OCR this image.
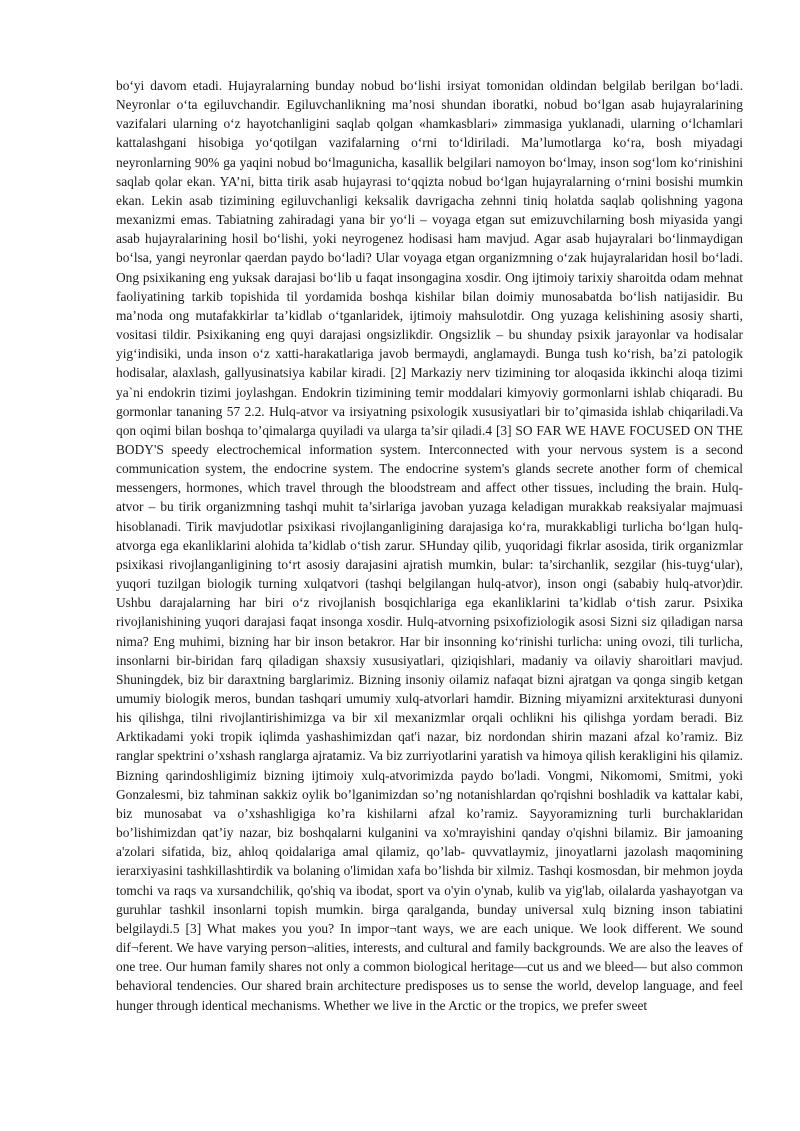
bo‘yi davom etadi. Hujayralarning bunday nobud bo‘lishi irsiyat tomonidan oldindan belgilab berilgan bo‘ladi. Neyronlar o‘ta egiluvchandir. Egiluvchanlikning ma’nosi shundan iboratki, nobud bo‘lgan asab hujayralarining vazifalari ularning o‘z hayotchanligini saqlab qolgan «hamkasblari» zimmasiga yuklanadi, ularning o‘lchamlari kattalashgani hisobiga yo‘qotilgan vazifalarning o‘rni to‘ldiriladi. Ma’lumotlarga ko‘ra, bosh miyadagi neyronlarning 90% ga yaqini nobud bo‘lmagunicha, kasallik belgilari namoyon bo‘lmay, inson sog‘lom ko‘rinishini saqlab qolar ekan. YA’ni, bitta tirik asab hujayrasi to‘qqizta nobud bo‘lgan hujayralarning o‘rnini bosishi mumkin ekan. Lekin asab tizimining egiluvchanligi keksalik davrigacha zehnni tiniq holatda saqlab qolishning yagona mexanizmi emas. Tabiatning zahiradagi yana bir yo‘li – voyaga etgan sut emizuvchilarning bosh miyasida yangi asab hujayralarining hosil bo‘lishi, yoki neyrogenez hodisasi ham mavjud. Agar asab hujayralari bo‘linmaydigan bo‘lsa, yangi neyronlar qaerdan paydo bo‘ladi? Ular voyaga etgan organizmning o‘zak hujayralaridan hosil bo‘ladi. Ong psixikaning eng yuksak darajasi bo‘lib u faqat insongagina xosdir. Ong ijtimoiy tarixiy sharoitda odam mehnat faoliyatining tarkib topishida til yordamida boshqa kishilar bilan doimiy munosabatda bo‘lish natijasidir. Bu ma’noda ong mutafakkirlar ta’kidlab o‘tganlaridek, ijtimoiy mahsulotdir. Ong yuzaga kelishining asosiy sharti, vositasi tildir. Psixikaning eng quyi darajasi ongsizlikdir. Ongsizlik – bu shunday psixik jarayonlar va hodisalar yig‘indisiki, unda inson o‘z xatti-harakatlariga javob bermaydi, anglamaydi. Bunga tush ko‘rish, ba’zi patologik hodisalar, alaxlash, gallyusinatsiya kabilar kiradi. [2] Markaziy nerv tizimining tor aloqasida ikkinchi aloqa tizimi ya`ni endokrin tizimi joylashgan. Endokrin tizimining temir moddalari kimyoviy gormonlarni ishlab chiqaradi. Bu gormonlar tananing 57 2.2. Hulq-atvor va irsiyatning psixologik xususiyatlari bir to’qimasida ishlab chiqariladi.Va qon oqimi bilan boshqa to’qimalarga quyiladi va ularga ta’sir qiladi.4 [3] SO FAR WE HAVE FOCUSED ON THE BODY'S speedy electrochemical information system. Interconnected with your nervous system is a second communication system, the endocrine system. The endocrine system's glands secrete another form of chemical messengers, hormones, which travel through the bloodstream and affect other tissues, including the brain. Hulq-atvor – bu tirik organizmning tashqi muhit ta’sirlariga javoban yuzaga keladigan murakkab reaksiyalar majmuasi hisoblanadi. Tirik mavjudotlar psixikasi rivojlanganligining darajasiga ko‘ra, murakkabligi turlicha bo‘lgan hulq-atvorga ega ekanliklarini alohida ta’kidlab o‘tish zarur. SHunday qilib, yuqoridagi fikrlar asosida, tirik organizmlar psixikasi rivojlanganligining to‘rt asosiy darajasini ajratish mumkin, bular: ta’sirchanlik, sezgilar (his-tuyg‘ular), yuqori tuzilgan biologik turning xulqatvori (tashqi belgilangan hulq-atvor), inson ongi (sababiy hulq-atvor)dir. Ushbu darajalarning har biri o‘z rivojlanish bosqichlariga ega ekanliklarini ta’kidlab o‘tish zarur. Psixika rivojlanishining yuqori darajasi faqat insonga xosdir. Hulq-atvorning psixofiziologik asosi Sizni siz qiladigan narsa nima? Eng muhimi, bizning har bir inson betakror. Har bir insonning ko‘rinishi turlicha: uning ovozi, tili turlicha, insonlarni bir-biridan farq qiladigan shaxsiy xususiyatlari, qiziqishlari, madaniy va oilaviy sharoitlari mavjud. Shuningdek, biz bir daraxtning barglarimiz. Bizning insoniy oilamiz nafaqat bizni ajratgan va qonga singib ketgan umumiy biologik meros, bundan tashqari umumiy xulq-atvorlari hamdir. Bizning miyamizni arxitekturasi dunyoni his qilishga, tilni rivojlantirishimizga va bir xil mexanizmlar orqali ochlikni his qilishga yordam beradi. Biz Arktikadami yoki tropik iqlimda yashashimizdan qat'i nazar, biz nordondan shirin mazani afzal ko’ramiz. Biz ranglar spektrini o’xshash ranglarga ajratamiz. Va biz zurriyotlarini yaratish va himoya qilish kerakligini his qilamiz. Bizning qarindoshligimiz bizning ijtimoiy xulq-atvorimizda paydo bo'ladi. Vongmi, Nikomomi, Smitmi, yoki Gonzalesmi, biz tahminan sakkiz oylik bo’lganimizdan so’ng notanishlardan qo'rqishni boshladik va kattalar kabi, biz munosabat va o’xshashligiga ko’ra kishilarni afzal ko’ramiz. Sayyoramizning turli burchaklaridan bo’lishimizdan qat’iy nazar, biz boshqalarni kulganini va xo'mrayishini qanday o'qishni bilamiz. Bir jamoaning a'zolari sifatida, biz, ahloq qoidalariga amal qilamiz, qo’lab- quvvatlaymiz, jinoyatlarni jazolash maqomining ierarxiyasini tashkillashtirdik va bolaning o'limidan xafa bo’lishda bir xilmiz. Tashqi kosmosdan, bir mehmon joyda tomchi va raqs va xursandchilik, qo'shiq va ibodat, sport va o'yin o'ynab, kulib va yig'lab, oilalarda yashayotgan va guruhlar tashkil insonlarni topish mumkin. birga qaralganda, bunday universal xulq bizning inson tabiatini belgilaydi.5 [3] What makes you you? In impor¬tant ways, we are each unique. We look different. We sound dif¬ferent. We have varying person¬alities, interests, and cultural and family backgrounds. We are also the leaves of one tree. Our human family shares not only a common biological heritage—cut us and we bleed— but also common behavioral tendencies. Our shared brain architecture predisposes us to sense the world, develop language, and feel hunger through identical mechanisms. Whether we live in the Arctic or the tropics, we prefer sweet
